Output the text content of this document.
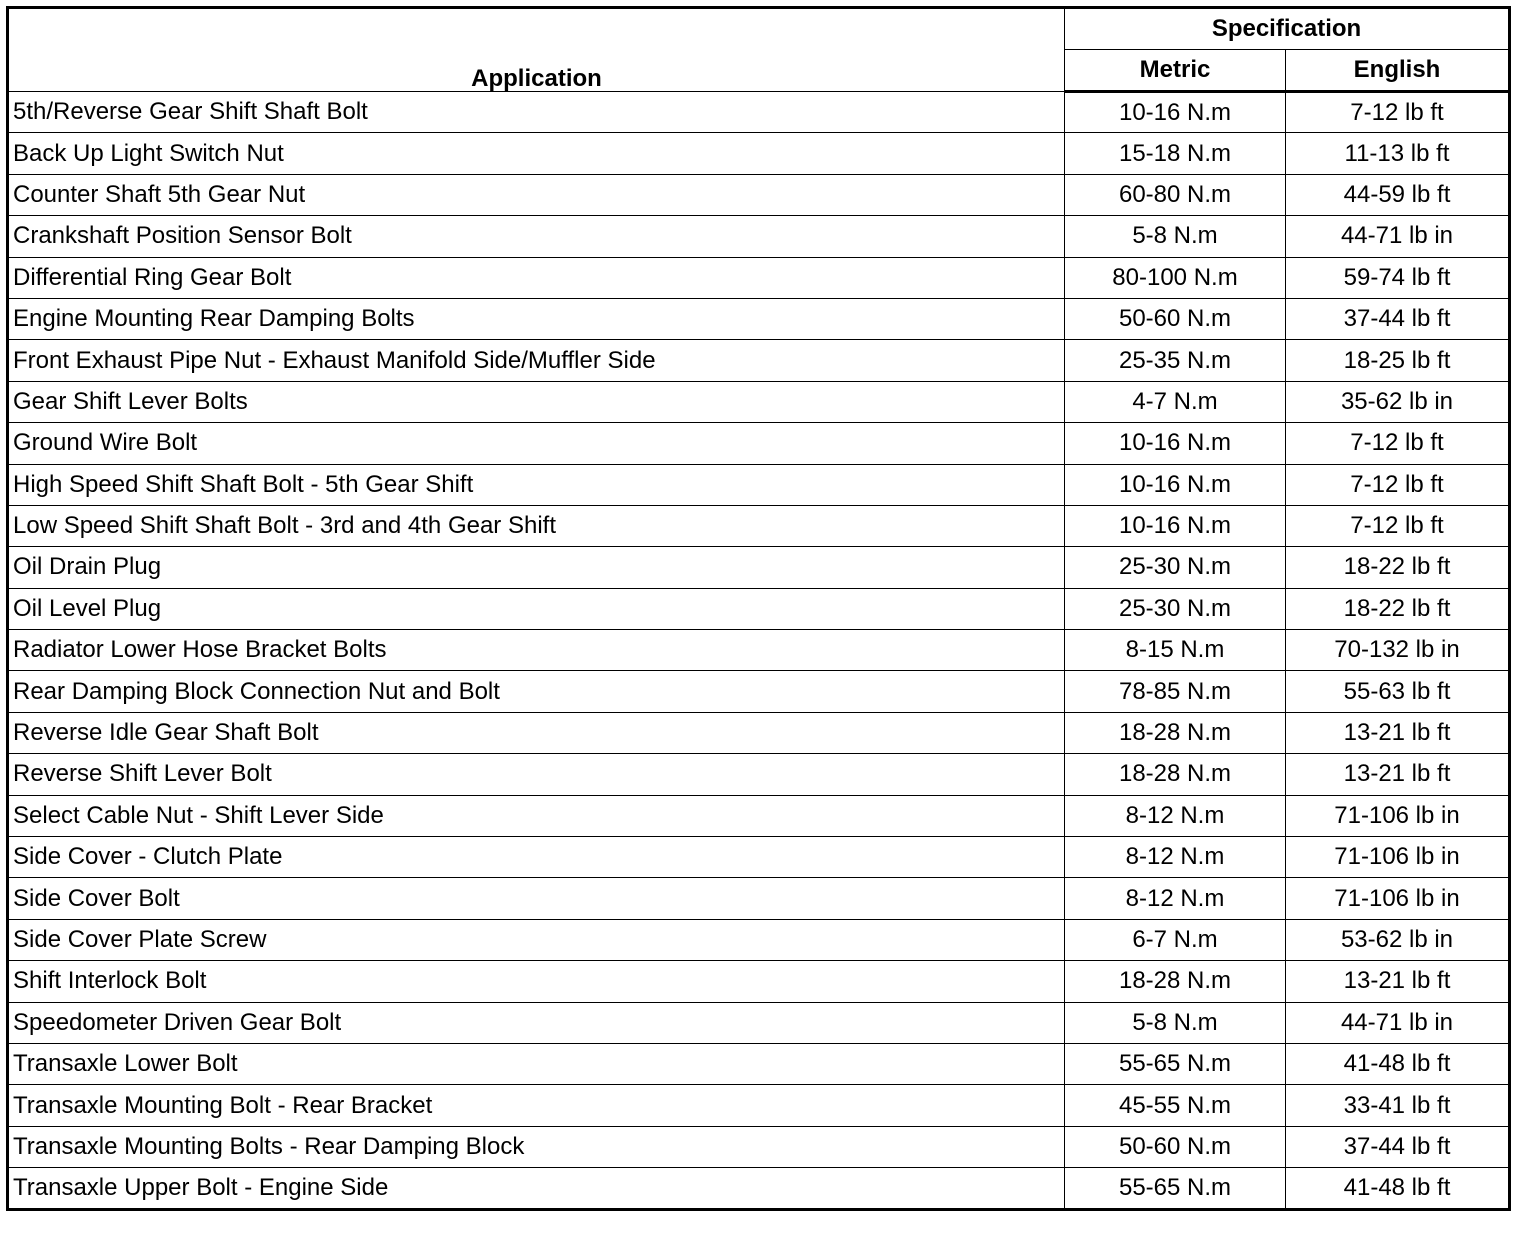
Application	Specification	
	Metric	English
5th/Reverse Gear Shift Shaft Bolt	10-16 N.m	7-12 lb ft
Back Up Light Switch Nut	15-18 N.m	11-13 lb ft
Counter Shaft 5th Gear Nut	60-80 N.m	44-59 lb ft
Crankshaft Position Sensor Bolt	5-8 N.m	44-71 lb in
Differential Ring Gear Bolt	80-100 N.m	59-74 lb ft
Engine Mounting Rear Damping Bolts	50-60 N.m	37-44 lb ft
Front Exhaust Pipe Nut - Exhaust Manifold Side/Muffler Side	25-35 N.m	18-25 lb ft
Gear Shift Lever Bolts	4-7 N.m	35-62 lb in
Ground Wire Bolt	10-16 N.m	7-12 lb ft
High Speed Shift Shaft Bolt - 5th Gear Shift	10-16 N.m	7-12 lb ft
Low Speed Shift Shaft Bolt - 3rd and 4th Gear Shift	10-16 N.m	7-12 lb ft
Oil Drain Plug	25-30 N.m	18-22 lb ft
Oil Level Plug	25-30 N.m	18-22 lb ft
Radiator Lower Hose Bracket Bolts	8-15 N.m	70-132 lb in
Rear Damping Block Connection Nut and Bolt	78-85 N.m	55-63 lb ft
Reverse Idle Gear Shaft Bolt	18-28 N.m	13-21 lb ft
Reverse Shift Lever Bolt	18-28 N.m	13-21 lb ft
Select Cable Nut - Shift Lever Side	8-12 N.m	71-106 lb in
Side Cover - Clutch Plate	8-12 N.m	71-106 lb in
Side Cover Bolt	8-12 N.m	71-106 lb in
Side Cover Plate Screw	6-7 N.m	53-62 lb in
Shift Interlock Bolt	18-28 N.m	13-21 lb ft
Speedometer Driven Gear Bolt	5-8 N.m	44-71 lb in
Transaxle Lower Bolt	55-65 N.m	41-48 lb ft
Transaxle Mounting Bolt - Rear Bracket	45-55 N.m	33-41 lb ft
Transaxle Mounting Bolts - Rear Damping Block	50-60 N.m	37-44 lb ft
Transaxle Upper Bolt - Engine Side	55-65 N.m	41-48 lb ft
